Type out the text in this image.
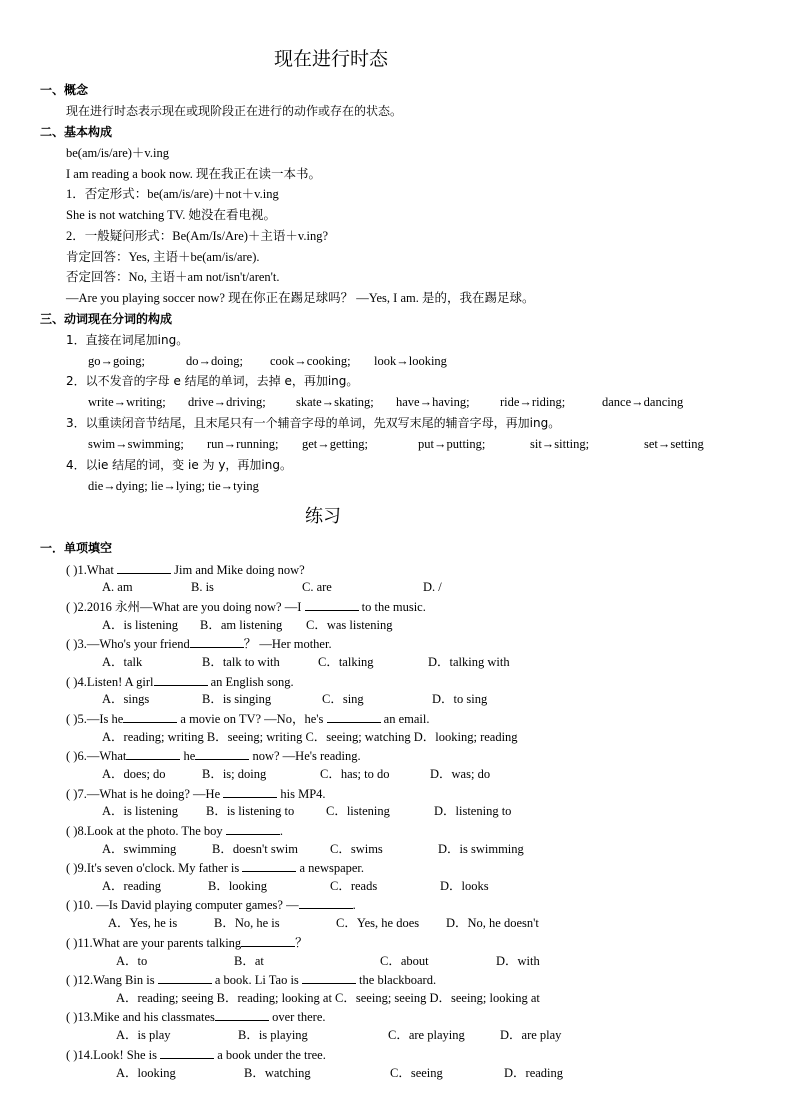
现在进行时态
一、概念
现在进行时态表示现在或现阶段正在进行的动作或存在的状态。
二、基本构成
be(am/is/are)＋v.ing
I am reading a book now. 现在我正在读一本书。
1．否定形式：be(am/is/are)＋not＋v.ing
She is not watching TV. 她没在看电视。
2．一般疑问形式：Be(Am/Is/Are)＋主语＋v.ing?
肯定回答：Yes, 主语＋be(am/is/are).
否定回答：No, 主语＋am not/isn't/aren't.
—Are you playing soccer now? 现在你正在踢足球吗？ —Yes, I am. 是的，我在踢足球。
三、动词现在分词的构成
1．直接在词尾加ing。
go→going;	do→doing; cook→cooking; look→looking
2．以不发音的字母 e 结尾的单词，去掉 e，再加ing。
write→writing; drive→driving; skate→skating; have→having; ride→riding;	dance→dancing
3．以重读闭音节结尾，且末尾只有一个辅音字母的单词，先双写末尾的辅音字母，再加ing。
swim→swimming; run→running; get→getting;	put→putting;	sit→sitting;	set→setting
4．以ie 结尾的词，变 ie 为 y，再加ing。
die→dying; lie→lying; tie→tying
练习
一．单项填空
( )1.What	Jim and Mike doing now?
A. am	B. is	C. are	D. /
( )2.2016 永州—What are you doing now? —I	to the music.
A．is listening B．am listening C．was listening
( )3.—Who's your friend	？ —Her mother.
A．talk	B．talk to with	C．talking	D．talking with
( )4.Listen! A girl	an English song.
A．sings	B．is singing	C．sing	D．to sing
( )5.—Is he	a movie on TV? —No，he's	an email.
A．reading; writing B．seeing; writing C．seeing; watching D．looking; reading
( )6.—What	he	now? —He's reading.
A．does; do	B．is; doing	C．has; to do	D．was; do
( )7.—What is he doing? —He	his MP4.
A．is listening B．is listening to	C．listening	D．listening to
( )8.Look at the photo. The boy	.
A．swimming	B．doesn't swim	C．swims	D．is swimming
( )9.It's seven o'clock. My father is	a newspaper.
A．reading	B．looking	C．reads	D．looks
( )10. —Is David playing computer games? —	.
A．Yes, he is	B．No, he is	C．Yes, he does D．No, he doesn't
( )11.What are your parents talking	？
A．to	B．at	C．about	D．with
( )12.Wang Bin is	a book. Li Tao is	the blackboard.
A．reading; seeing B．reading; looking at C．seeing; seeing D．seeing; looking at
( )13.Mike and his classmates	over there.
A．is play	B．is playing	C．are playing	D．are play
( )14.Look! She is	a book under the tree.
A．looking	B．watching	C．seeing	D．reading
